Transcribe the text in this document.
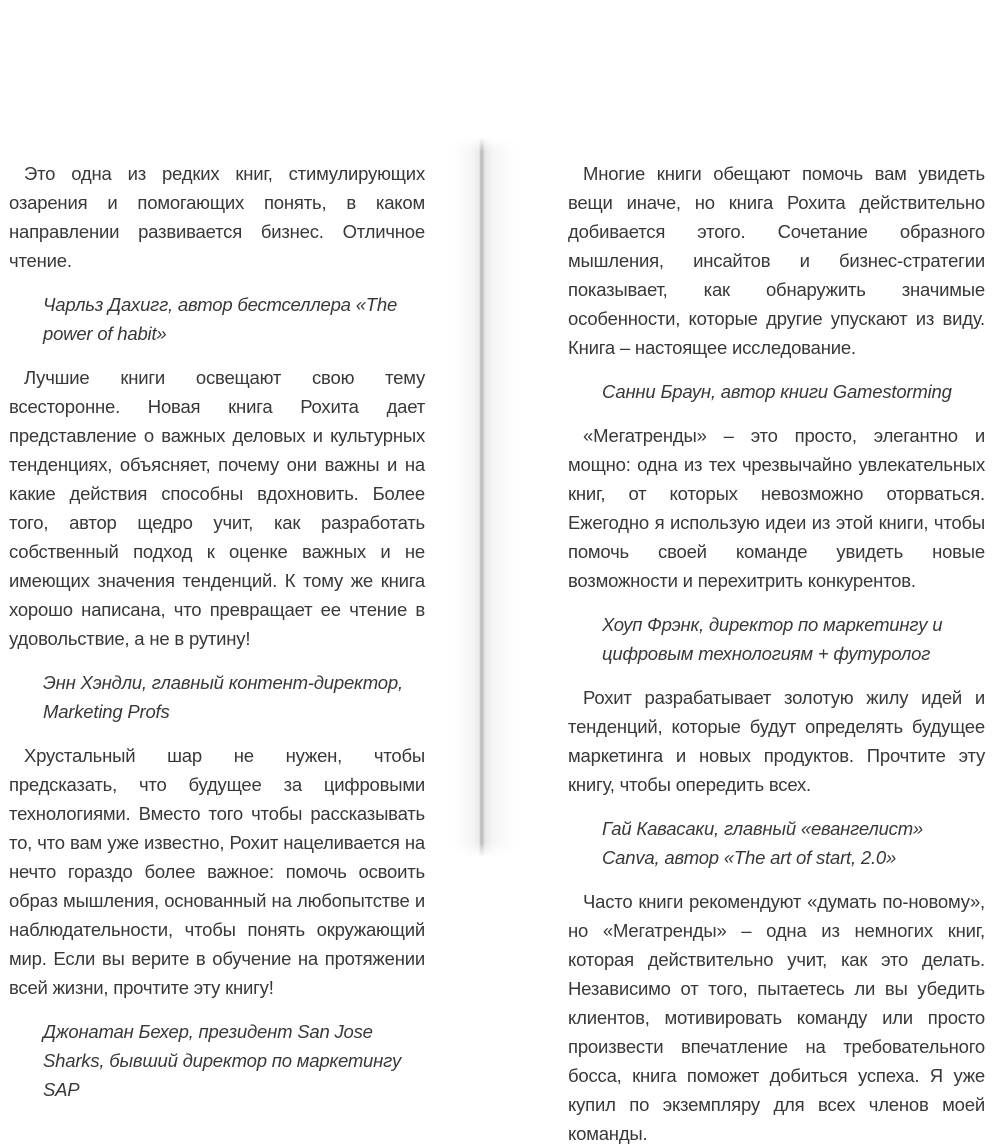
Это одна из редких книг, стимулирующих озарения и помогающих понять, в каком направлении развивается бизнес. Отличное чтение.

Чарльз Дахигг, автор бестселлера «The power of habit»

Лучшие книги освещают свою тему всесторонне. Новая книга Рохита дает представление о важных деловых и культурных тенденциях, объясняет, почему они важны и на какие действия способны вдохновить. Более того, автор щедро учит, как разработать собственный подход к оценке важных и не имеющих значения тенденций. К тому же книга хорошо написана, что превращает ее чтение в удовольствие, а не в рутину!

Энн Хэндли, главный контент-директор, Marketing Profs

Хрустальный шар не нужен, чтобы предсказать, что будущее за цифровыми технологиями. Вместо того чтобы рассказывать то, что вам уже известно, Рохит нацеливается на нечто гораздо более важное: помочь освоить образ мышления, основанный на любопытстве и наблюдательности, чтобы понять окружающий мир. Если вы верите в обучение на протяжении всей жизни, прочтите эту книгу!

Джонатан Бехер, президент San Jose Sharks, бывший директор по маркетингу SAP

Многие книги обещают помочь вам увидеть вещи иначе, но книга Рохита действительно добивается этого. Сочетание образного мышления, инсайтов и бизнес-стратегии показывает, как обнаружить значимые особенности, которые другие упускают из виду. Книга – настоящее исследование.

Санни Браун, автор книги Gamestorming

«Мегатренды» – это просто, элегантно и мощно: одна из тех чрезвычайно увлекательных книг, от которых невозможно оторваться. Ежегодно я использую идеи из этой книги, чтобы помочь своей команде увидеть новые возможности и перехитрить конкурентов.

Хоуп Фрэнк, директор по маркетингу и цифровым технологиям + футуролог

Рохит разрабатывает золотую жилу идей и тенденций, которые будут определять будущее маркетинга и новых продуктов. Прочтите эту книгу, чтобы опередить всех.

Гай Кавасаки, главный «евангелист» Canva, автор «The art of start, 2.0»

Часто книги рекомендуют «думать по-новому», но «Мегатренды» – одна из немногих книг, которая действительно учит, как это делать. Независимо от того, пытаетесь ли вы убедить клиентов, мотивировать команду или просто произвести впечатление на требовательного босса, книга поможет добиться успеха. Я уже купил по экземпляру для всех членов моей команды.
